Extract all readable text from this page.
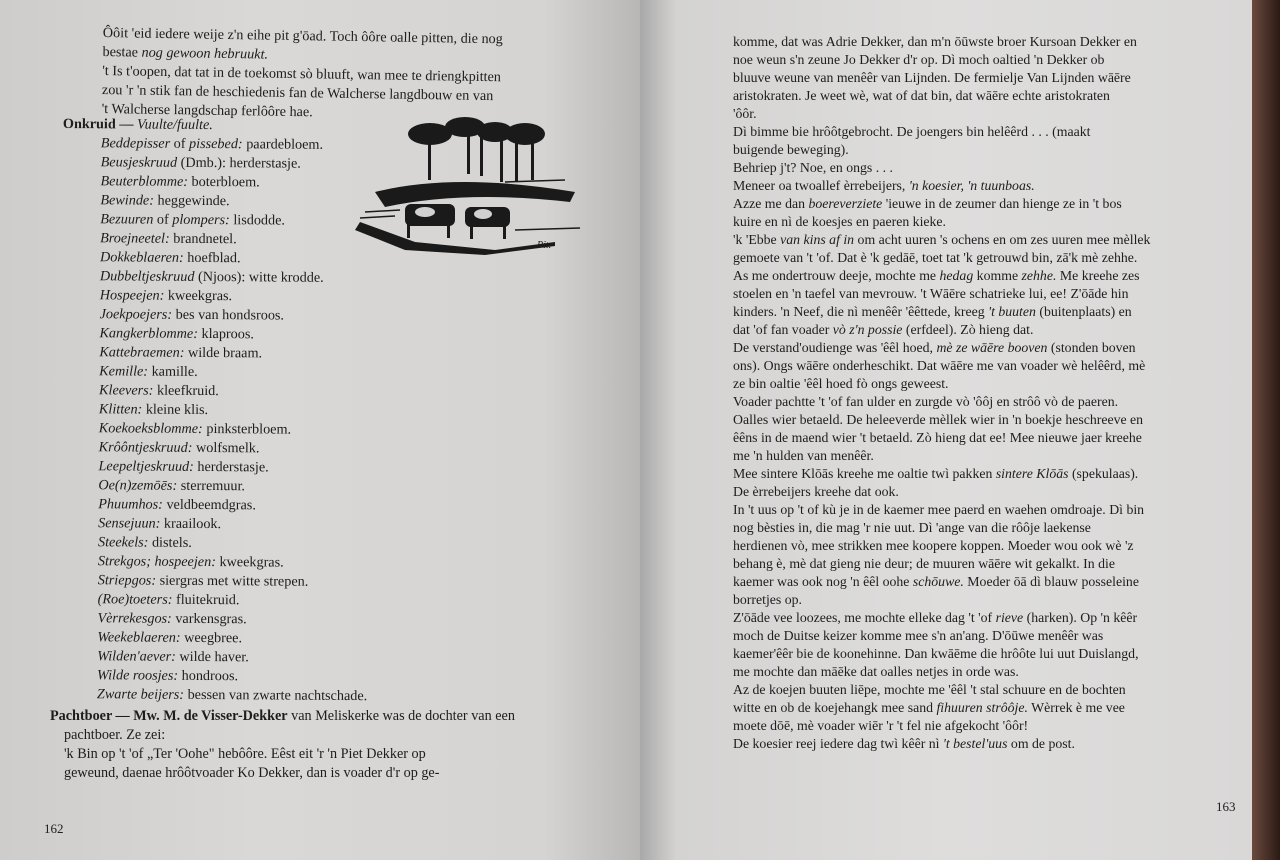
Ôôit 'eid iedere weije z'n eihe pit g'ōad. Toch ôôre oalle pitten, die nog
bestae nog gewoon hebruukt.
't Is t'oopen, dat tat in de toekomst sò bluuft, wan mee te driengkpitten
zou 'r 'n stik fan de heschiedenis fan de Walcherse langdbouw en van
't Walcherse langdschap ferlôôre hae.
Onkruid — Vuulte/fuulte.
Beddepisser of pissebed: paardebloem.
Beusjeskruud (Dmb.): herderstasje.
Beuterblomme: boterbloem.
Bewinde: heggewinde.
Bezuuren of plompers: lisdodde.
Broejneetel: brandnetel.
Dokkeblaeren: hoefblad.
Dubbeltjeskruud (Njoos): witte krodde.
Hospeejen: kweekgras.
Joekpoejers: bes van hondsroos.
Kangkerblomme: klaproos.
Kattebraemen: wilde braam.
Kemille: kamille.
Kleevers: kleefkruid.
Klitten: kleine klis.
Koekoeksblomme: pinksterbloem.
Krôôntjeskruud: wolfsmelk.
Leepeltjeskruud: herderstasje.
Oe(n)zemōēs: sterremuur.
Phuumhos: veldbeemdgras.
Sensejuun: kraailook.
Steekels: distels.
Strekgos; hospeejen: kweekgras.
Striepgos: siergras met witte strepen.
(Roe)toeters: fluitekruid.
Vèrrekesgos: varkensgras.
Weekeblaeren: weegbree.
Wilden'aever: wilde haver.
Wilde roosjes: hondroos.
Zwarte beijers: bessen van zwarte nachtschade.
Pit.
Pachtboer — Mw. M. de Visser-Dekker van Meliskerke was de dochter van een
pachtboer. Ze zei:
'k Bin op 't 'of „Ter 'Oohe" hebôôre. Eêst eit 'r 'n Piet Dekker op
geweund, daenae hrôôtvoader Ko Dekker, dan is voader d'r op ge-
162
komme, dat was Adrie Dekker, dan m'n ōūwste broer Kursoan Dekker en
noe weun s'n zeune Jo Dekker d'r op. Dì moch oaltied 'n Dekker ob
bluuve weune van menêêr van Lijnden. De fermielje Van Lijnden wāēre
aristokraten. Je weet wè, wat of dat bin, dat wāēre echte aristokraten
'ôôr.
Dì bimme bie hrôôtgebrocht. De joengers bin helêêrd . . . (maakt
buigende beweging).
Behriep j't? Noe, en ongs . . .
Meneer oa twoallef èrrebeijers, 'n koesier, 'n tuunboas.
Azze me dan boereverziete 'ieuwe in de zeumer dan hienge ze in 't bos
kuire en nì de koesjes en paeren kieke.
'k 'Ebbe van kins af in om acht uuren 's ochens en om zes uuren mee mèllek
gemoete van 't 'of. Dat è 'k gedāē, toet tat 'k getrouwd bin, zā'k mè zehhe.
As me ondertrouw deeje, mochte me hedag komme zehhe. Me kreehe zes
stoelen en 'n taefel van mevrouw. 't Wāēre schatrieke lui, ee! Z'ōāde hin
kinders. 'n Neef, die nì menêêr 'êêttede, kreeg 't buuten (buitenplaats) en
dat 'of fan voader vò z'n possie (erfdeel). Zò hieng dat.
De verstand'oudienge was 'êêl hoed, mè ze wāēre booven (stonden boven
ons). Ongs wāēre onderheschikt. Dat wāēre me van voader wè helêêrd, mè
ze bin oaltie 'êêl hoed fò ongs geweest.
Voader pachtte 't 'of fan ulder en zurgde vò 'ôôj en strôô vò de paeren.
Oalles wier betaeld. De heleeverde mèllek wier in 'n boekje heschreeve en
êêns in de maend wier 't betaeld. Zò hieng dat ee! Mee nieuwe jaer kreehe
me 'n hulden van menêêr.
Mee sintere Klōās kreehe me oaltie twì pakken sintere Klōās (spekulaas).
De èrrebeijers kreehe dat ook.
In 't uus op 't of kù je in de kaemer mee paerd en waehen omdroaje. Dì bin
nog bèsties in, die mag 'r nie uut. Dì 'ange van die rôôje laekense
herdienen vò, mee strikken mee koopere koppen. Moeder wou ook wè 'z
behang è, mè dat gieng nie deur; de muuren wāēre wit gekalkt. In die
kaemer was ook nog 'n êêl oohe schōuwe. Moeder ōā dì blauw posseleine
borretjes op.
Z'ōāde vee loozees, me mochte elleke dag 't 'of rieve (harken). Op 'n kêêr
moch de Duitse keizer komme mee s'n an'ang. D'ōūwe menêêr was
kaemer'êêr bie de koonehinne. Dan kwāēme die hrôôte lui uut Duislangd,
me mochte dan māēke dat oalles netjes in orde was.
Az de koejen buuten liēpe, mochte me 'êêl 't stal schuure en de bochten
witte en ob de koejehangk mee sand fihuuren strôôje. Wèrrek è me vee
moete dōē, mè voader wiēr 'r 't fel nie afgekocht 'ôôr!
De koesier reej iedere dag twì kêêr nì 't bestel'uus om de post.
163
